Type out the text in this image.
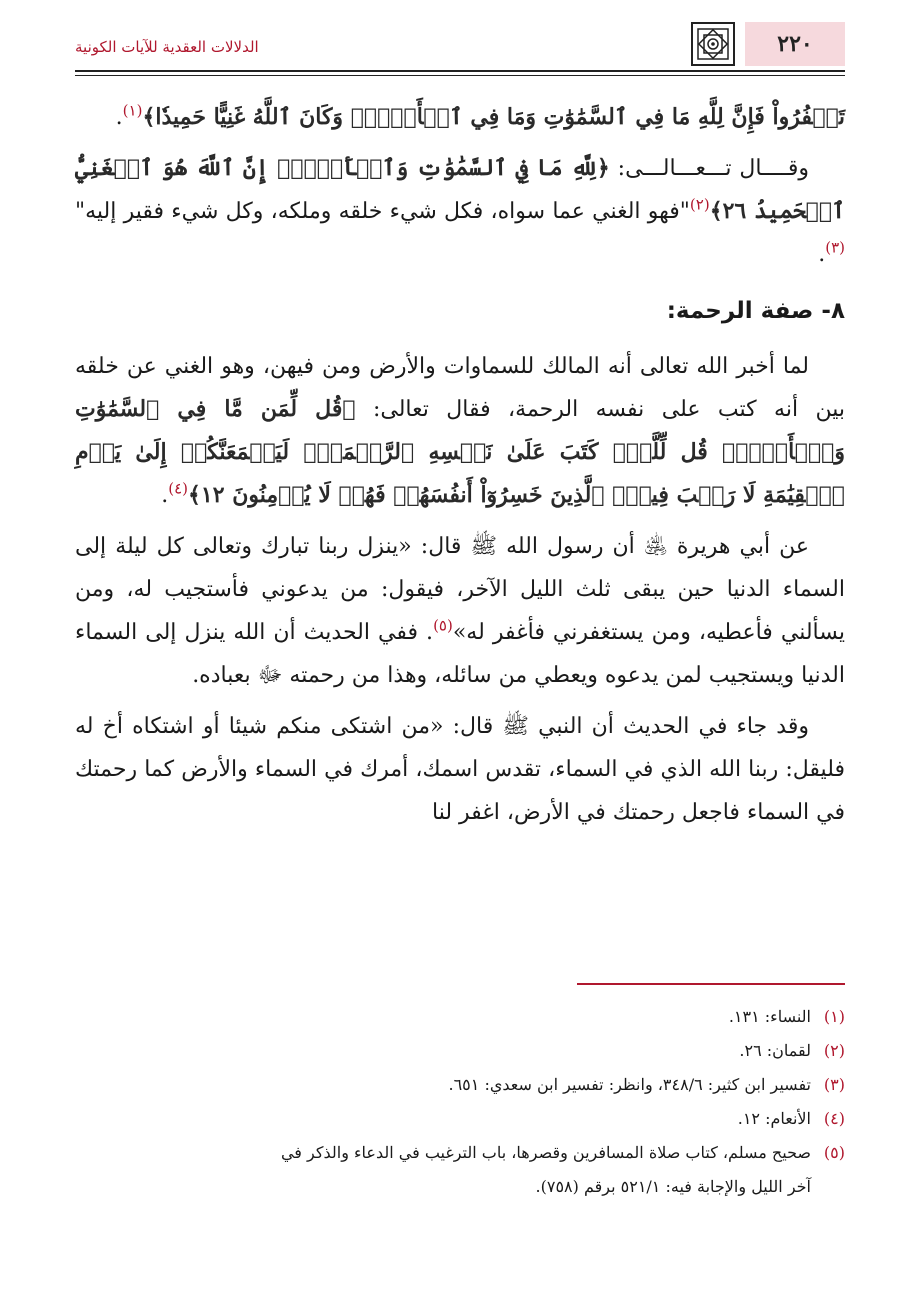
٢٢٠
الدلالات العقدية للآيات الكونية

تَكۡفُرُواْ فَإِنَّ لِلَّهِ مَا فِي ٱلسَّمَٰوَٰتِ وَمَا فِي ٱلۡأَرۡضِۚ وَكَانَ ٱللَّهُ غَنِيًّا حَمِيدٗا﴾$^{(١)}$.

وقــــال تـــعـــالـــى: ﴿لِلَّهِ مَا فِي ٱلسَّمَٰوَٰتِ وَٱلۡأَرۡضِۚ إِنَّ ٱللَّهَ هُوَ ٱلۡغَنِيُّ ٱلۡحَمِيدُ ٢٦﴾$^{(٢)}$"فهو الغني عما سواه، فكل شيء خلقه وملكه، وكل شيء فقير إليه"$^{(٣)}$.

٨- صفة الرحمة:

لما أخبر الله تعالى أنه المالك للسماوات والأرض ومن فيهن، وهو الغني عن خلقه بين أنه كتب على نفسه الرحمة، فقال تعالى: ﴿قُل لِّمَن مَّا فِي ٱلسَّمَٰوَٰتِ وَٱلۡأَرۡضِۖ قُل لِّلَّهِۚ كَتَبَ عَلَىٰ نَفۡسِهِ ٱلرَّحۡمَةَۚ لَيَجۡمَعَنَّكُمۡ إِلَىٰ يَوۡمِ ٱلۡقِيَٰمَةِ لَا رَيۡبَ فِيهِۚ ٱلَّذِينَ خَسِرُوٓاْ أَنفُسَهُمۡ فَهُمۡ لَا يُؤۡمِنُونَ ١٢﴾$^{(٤)}$.

عن أبي هريرة ﵁ أن رسول الله ﷺ قال: «ينزل ربنا تبارك وتعالى كل ليلة إلى السماء الدنيا حين يبقى ثلث الليل الآخر، فيقول: من يدعوني فأستجيب له، ومن يسألني فأعطيه، ومن يستغفرني فأغفر له»$^{(٥)}$. ففي الحديث أن الله ينزل إلى السماء الدنيا ويستجيب لمن يدعوه ويعطي من سائله، وهذا من رحمته ﷻ بعباده.

وقد جاء في الحديث أن النبي ﷺ قال: «من اشتكى منكم شيئا أو اشتكاه أخ له فليقل: ربنا الله الذي في السماء، تقدس اسمك، أمرك في السماء والأرض كما رحمتك في السماء فاجعل رحمتك في الأرض، اغفر لنا

(١)
النساء: ١٣١.
(٢)
لقمان: ٢٦.
(٣)
تفسير ابن كثير: ٣٤٨/٦، وانظر: تفسير ابن سعدي: ٦٥١.
(٤)
الأنعام: ١٢.
(٥)
صحيح مسلم، كتاب صلاة المسافرين وقصرها، باب الترغيب في الدعاء والذكر في
آخر الليل والإجابة فيه: ٥٢١/١ برقم (٧٥٨).
